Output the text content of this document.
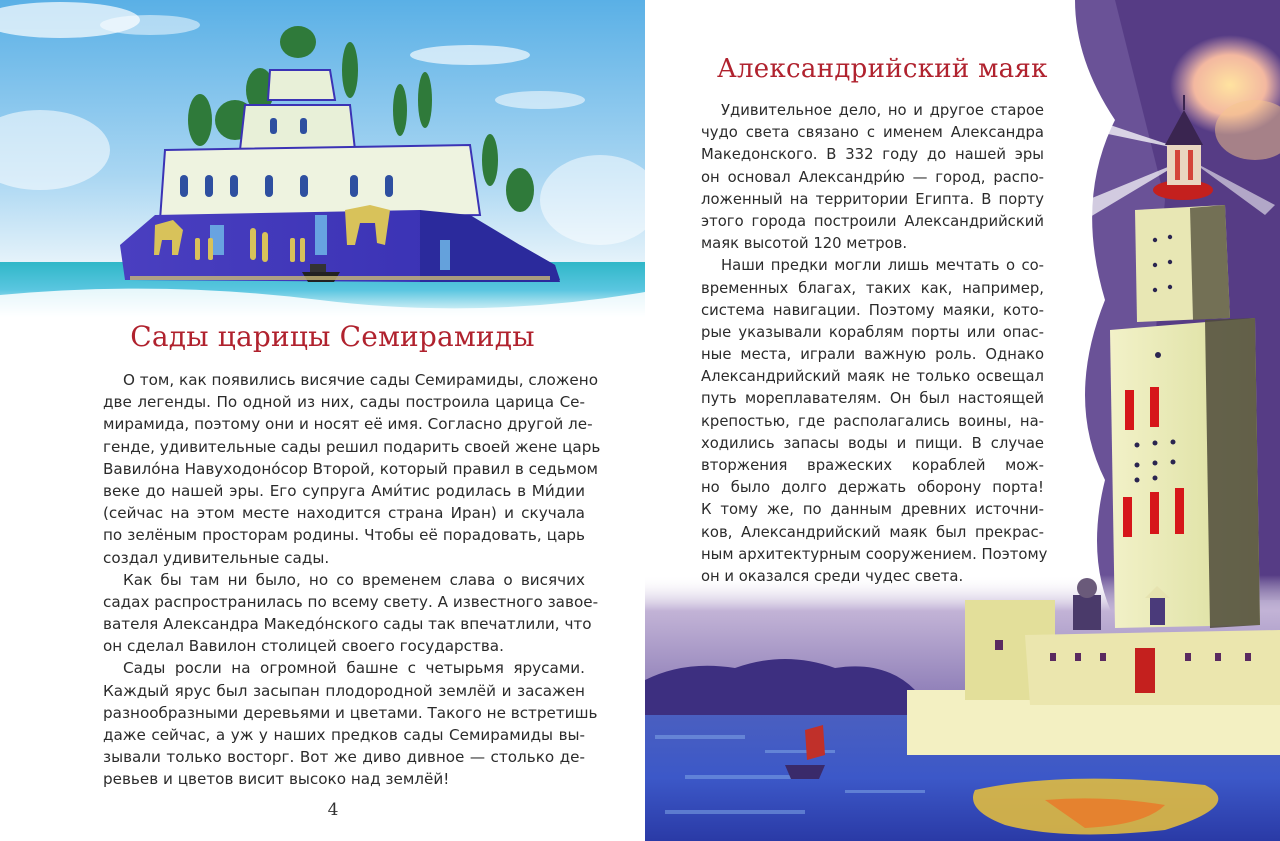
Сады царицы Семирамиды
О том, как появились висячие сады Семирамиды, сложено
две легенды. По одной из них, сады построила царица Се-
мирамида, поэтому они и носят её имя. Согласно другой ле-
генде, удивительные сады решил подарить своей жене царь
Вавило́на Навуходоно́сор Второй, который правил в седьмом
веке до нашей эры. Его супруга Ами́тис родилась в Ми́дии
(сейчас на этом месте находится страна Иран) и скучала
по зелёным просторам родины. Чтобы её порадовать, царь
создал удивительные сады.
Как бы там ни было, но со временем слава о висячих
садах распространилась по всему свету. А известного завое-
вателя Александра Македо́нского сады так впечатлили, что
он сделал Вавилон столицей своего государства.
Сады росли на огромной башне с четырьмя ярусами.
Каждый ярус был засыпан плодородной землёй и засажен
разнообразными деревьями и цветами. Такого не встретишь
даже сейчас, а уж у наших предков сады Семирамиды вы-
зывали только восторг. Вот же диво дивное — столько де-
ревьев и цветов висит высоко над землёй!
4
Александрийский маяк
Удивительное дело, но и другое старое
чудо света связано с именем Александра
Македонского. В 332 году до нашей эры
он основал Александри́ю — город, распо-
ложенный на территории Египта. В порту
этого города построили Александрийский
маяк высотой 120 метров.
Наши предки могли лишь мечтать о со-
временных благах, таких как, например,
система навигации. Поэтому маяки, кото-
рые указывали кораблям порты или опас-
ные места, играли важную роль. Однако
Александрийский маяк не только освещал
путь мореплавателям. Он был настоящей
крепостью, где располагались воины, на-
ходились запасы воды и пищи. В случае
вторжения вражеских кораблей мож-
но было долго держать оборону порта!
К тому же, по данным древних источни-
ков, Александрийский маяк был прекрас-
ным архитектурным сооружением. Поэтому
он и оказался среди чудес света.
